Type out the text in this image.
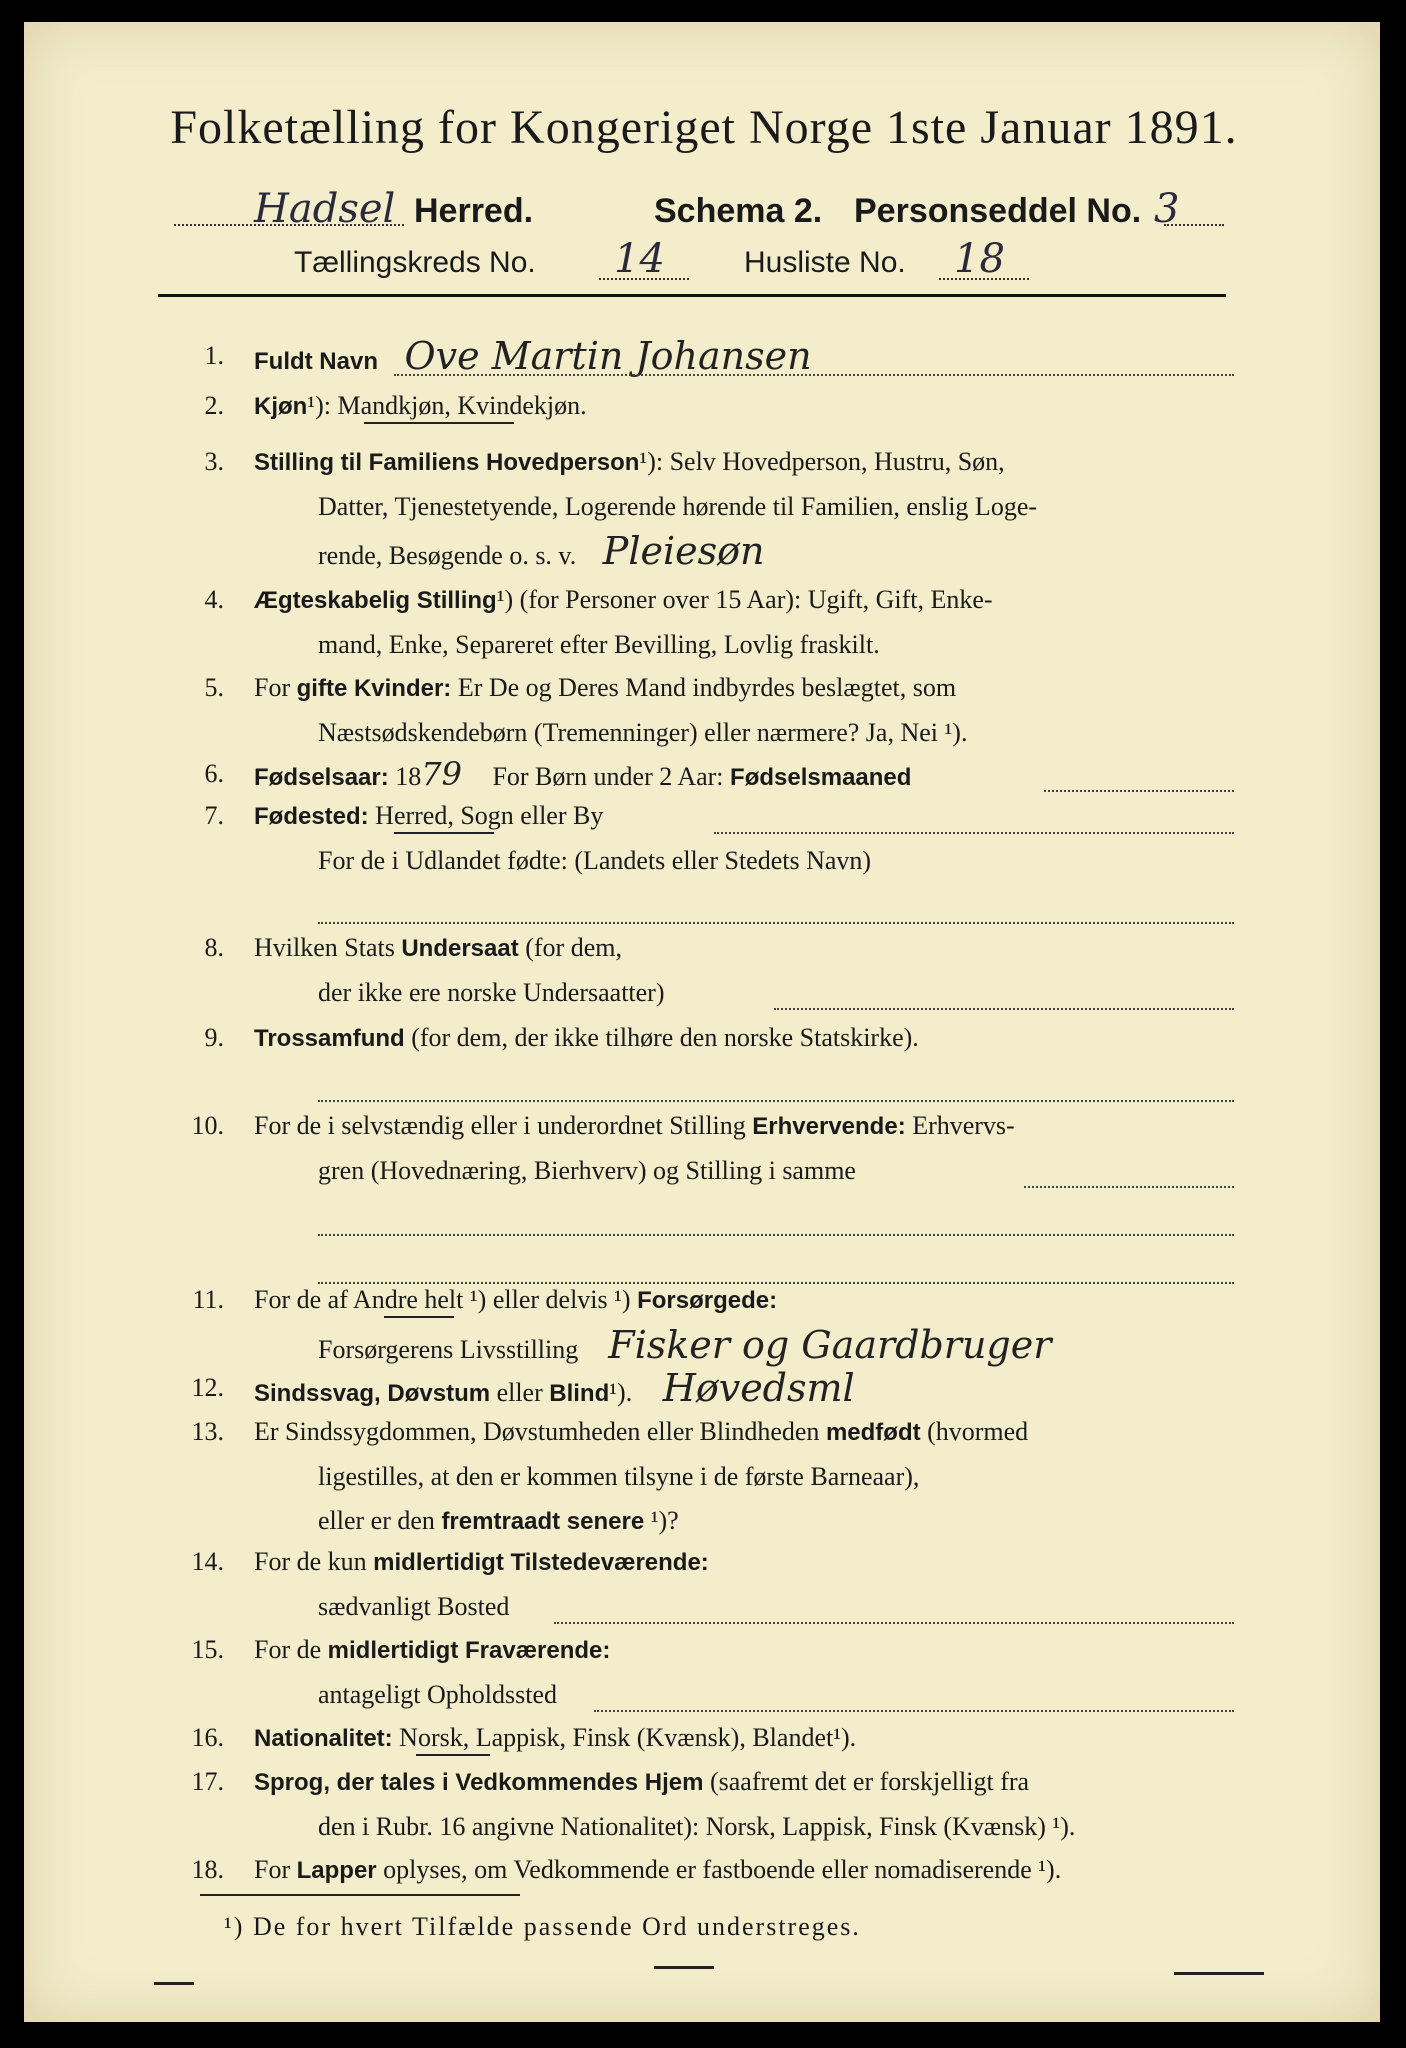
Folketælling for Kongeriget Norge 1ste Januar 1891.
Hadsel Herred.	Schema 2. Personseddel No. 3
Tællingskreds No. 14	Husliste No. 18
1. Fuldt Navn Ove Martin Johansen
2. Kjøn¹): Mandkjøn, Kvindekjøn.
3. Stilling til Familiens Hovedperson¹): Selv Hovedperson, Hustru, Søn,
Datter, Tjenestetyende, Logerende hørende til Familien, enslig Loge-
rende, Besøgende o. s. v. Pleiesøn
4. Ægteskabelig Stilling¹) (for Personer over 15 Aar): Ugift, Gift, Enke-
mand, Enke, Separeret efter Bevilling, Lovlig fraskilt.
5. For gifte Kvinder: Er De og Deres Mand indbyrdes beslægtet, som
Næstsødskendebørn (Tremenninger) eller nærmere? Ja, Nei ¹).
6. Fødselsaar: 1879 For Børn under 2 Aar: Fødselsmaaned
7. Fødested: Herred, Sogn eller By
For de i Udlandet fødte: (Landets eller Stedets Navn)
8. Hvilken Stats Undersaat (for dem,
der ikke ere norske Undersaatter)
9. Trossamfund (for dem, der ikke tilhøre den norske Statskirke).
10. For de i selvstændig eller i underordnet Stilling Erhvervende: Erhvervs-
gren (Hovednæring, Bierhverv) og Stilling i samme
11. For de af Andre helt ¹) eller delvis ¹) Forsørgede:
Forsørgerens Livsstilling Fisker og Gaardbruger
12. Sindssvag, Døvstum eller Blind¹). Høvedsml
13. Er Sindssygdommen, Døvstumheden eller Blindheden medfødt (hvormed
ligestilles, at den er kommen tilsyne i de første Barneaar),
eller er den fremtraadt senere ¹)?
14. For de kun midlertidigt Tilstedeværende:
sædvanligt Bosted
15. For de midlertidigt Fraværende:
antageligt Opholdssted
16. Nationalitet: Norsk, Lappisk, Finsk (Kvænsk), Blandet¹).
17. Sprog, der tales i Vedkommendes Hjem (saafremt det er forskjelligt fra
den i Rubr. 16 angivne Nationalitet): Norsk, Lappisk, Finsk (Kvænsk) ¹).
18. For Lapper oplyses, om Vedkommende er fastboende eller nomadiserende ¹).
¹) De for hvert Tilfælde passende Ord understreges.
